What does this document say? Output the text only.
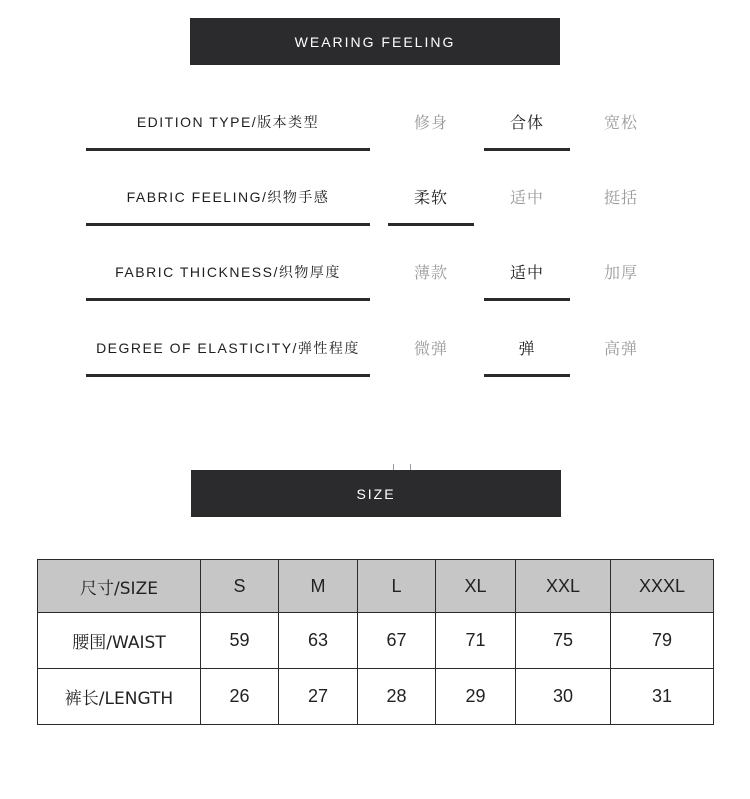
WEARING FEELING
EDITION TYPE/ 版本类型	修身	合体	宽松
FABRIC FEELING/ 织物手感	柔软	适中	挺括
FABRIC THICKNESS/ 织物厚度	薄款	适中	加厚
DEGREE OF ELASTICITY/ 弹性程度	微弹	弹	高弹
SIZE
尺寸/SIZE	S	M	L	XL	XXL	XXXL
腰围/WAIST	59	63	67	71	75	79
裤长/LENGTH	26	27	28	29	30	31
